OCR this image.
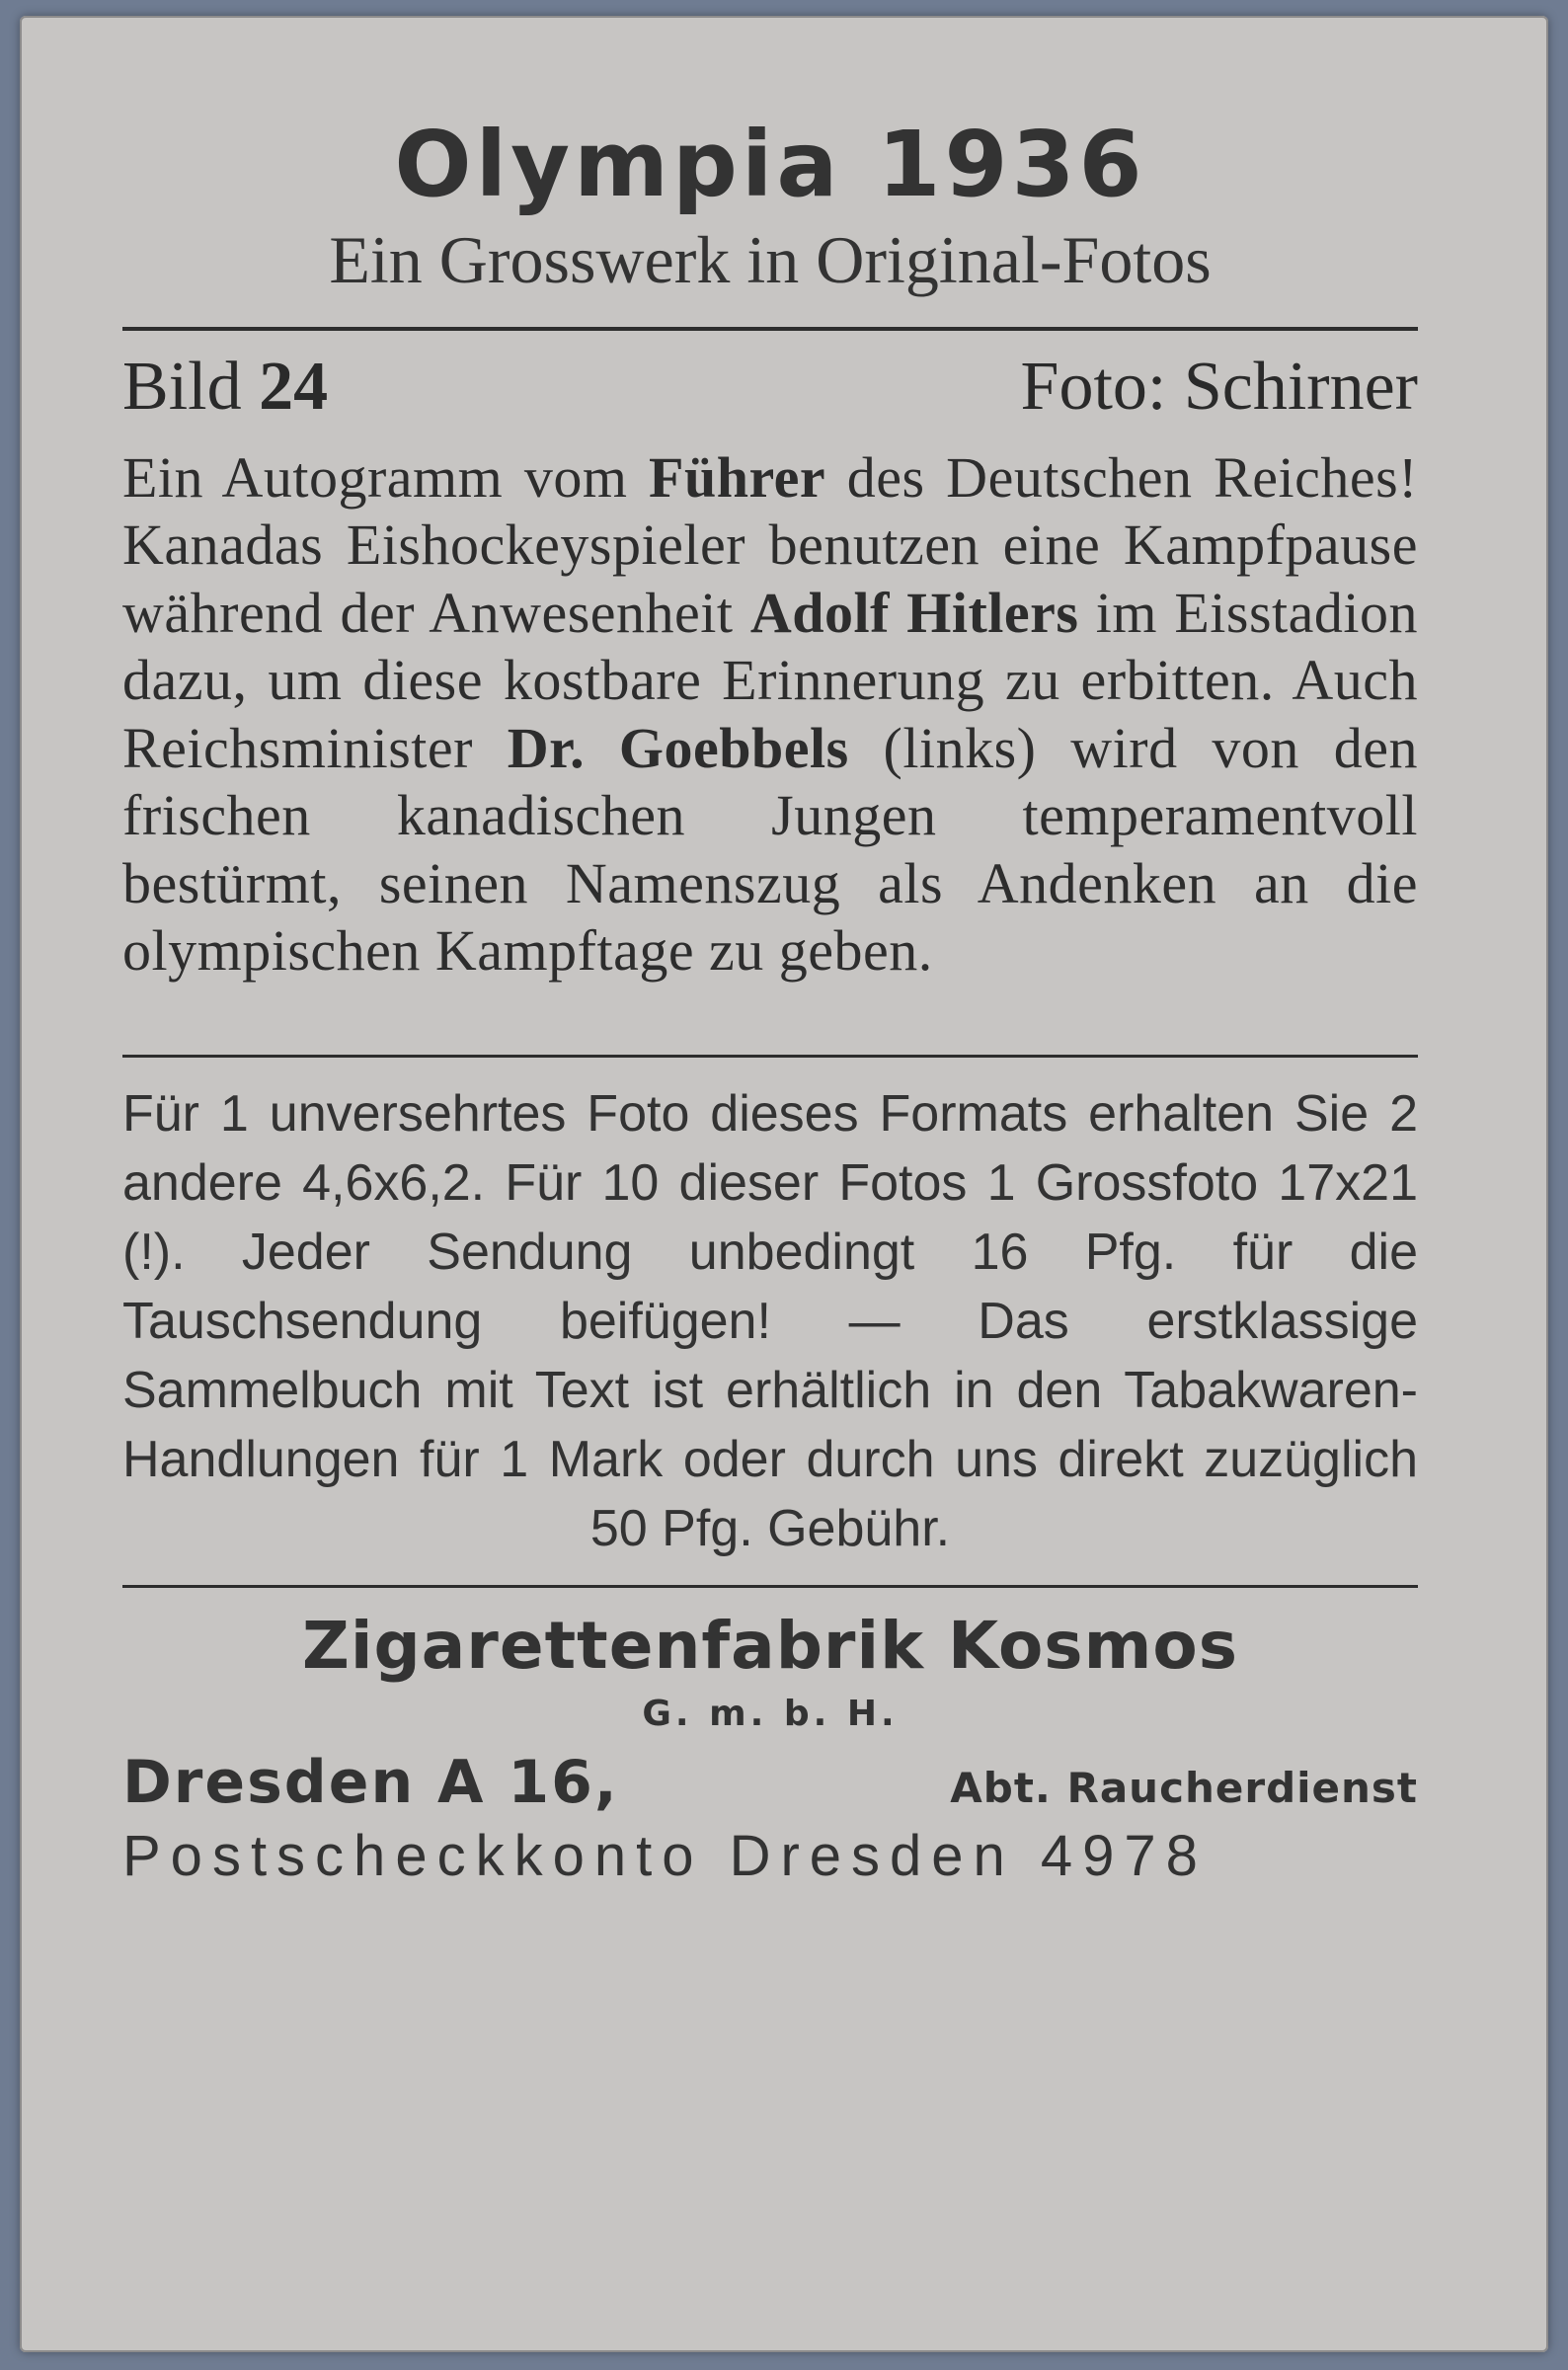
Olympia 1936
Ein Grosswerk in Original-Fotos
Bild 24	Foto: Schirner
Ein Autogramm vom Führer des Deutschen Reiches! Kanadas Eishockeyspieler benutzen eine Kampfpause während der Anwesenheit Adolf Hitlers im Eisstadion dazu, um diese kostbare Erinnerung zu erbitten. Auch Reichsminister Dr. Goebbels (links) wird von den frischen kanadischen Jungen temperamentvoll bestürmt, seinen Namenszug als Andenken an die olympischen Kampftage zu geben.
Für 1 unversehrtes Foto dieses Formats erhalten Sie 2 andere 4,6x6,2. Für 10 dieser Fotos 1 Grossfoto 17x21 (!). Jeder Sendung unbedingt 16 Pfg. für die Tauschsendung beifügen! — Das erstklassige Sammelbuch mit Text ist erhältlich in den Tabakwaren-Handlungen für 1 Mark oder durch uns direkt zuzüglich 50 Pfg. Gebühr.
Zigarettenfabrik Kosmos
G. m. b. H.
Dresden A 16,	Abt. Raucherdienst
Postscheckkonto Dresden 4978
